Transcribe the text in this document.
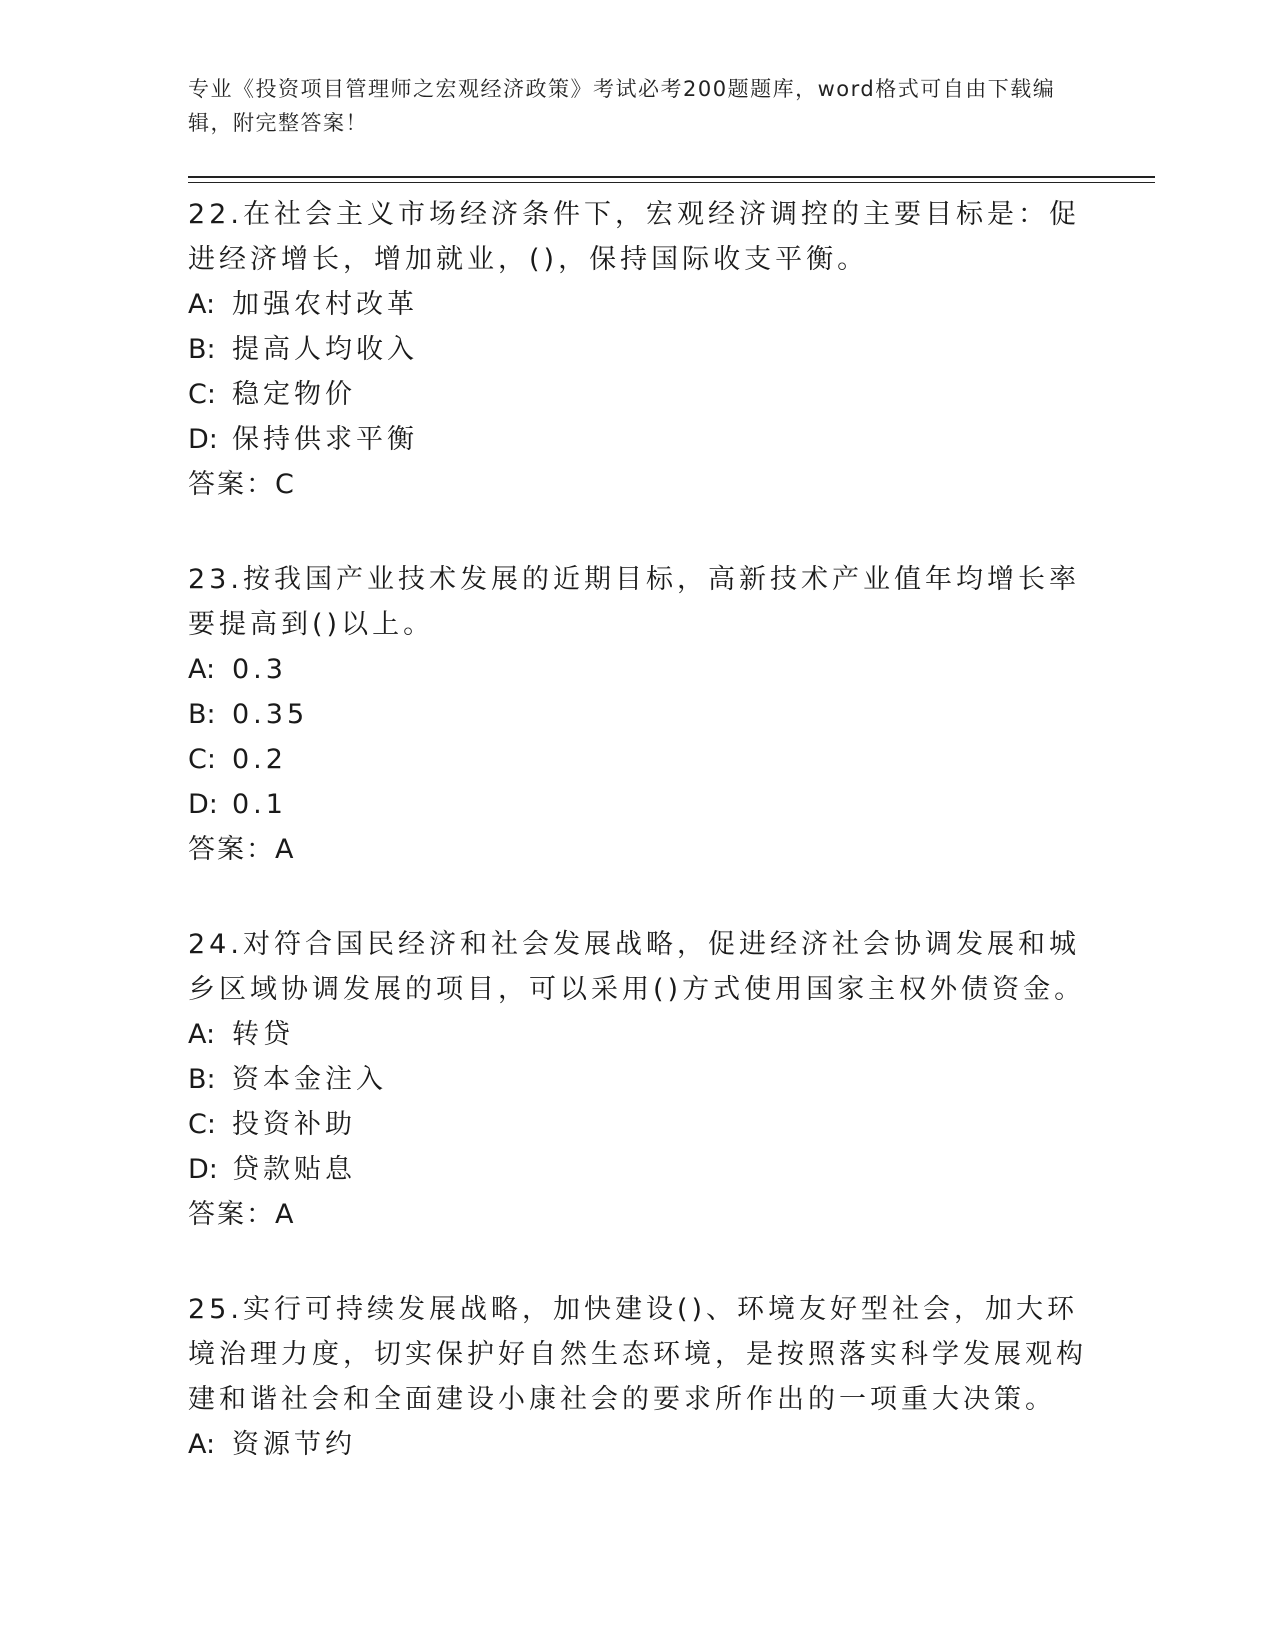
专业《投资项目管理师之宏观经济政策》考试必考200题题库，word格式可自由下载编辑，附完整答案！

22.在社会主义市场经济条件下，宏观经济调控的主要目标是：促进经济增长，增加就业，()，保持国际收支平衡。

A: 加强农村改革

B: 提高人均收入

C: 稳定物价

D: 保持供求平衡

答案：C

23.按我国产业技术发展的近期目标，高新技术产业值年均增长率要提高到()以上。

A: 0.3

B: 0.35

C: 0.2

D: 0.1

答案：A

24.对符合国民经济和社会发展战略，促进经济社会协调发展和城乡区域协调发展的项目，可以采用()方式使用国家主权外债资金。

A: 转贷

B: 资本金注入

C: 投资补助

D: 贷款贴息

答案：A

25.实行可持续发展战略，加快建设()、环境友好型社会，加大环境治理力度，切实保护好自然生态环境，是按照落实科学发展观构建和谐社会和全面建设小康社会的要求所作出的一项重大决策。

A: 资源节约
